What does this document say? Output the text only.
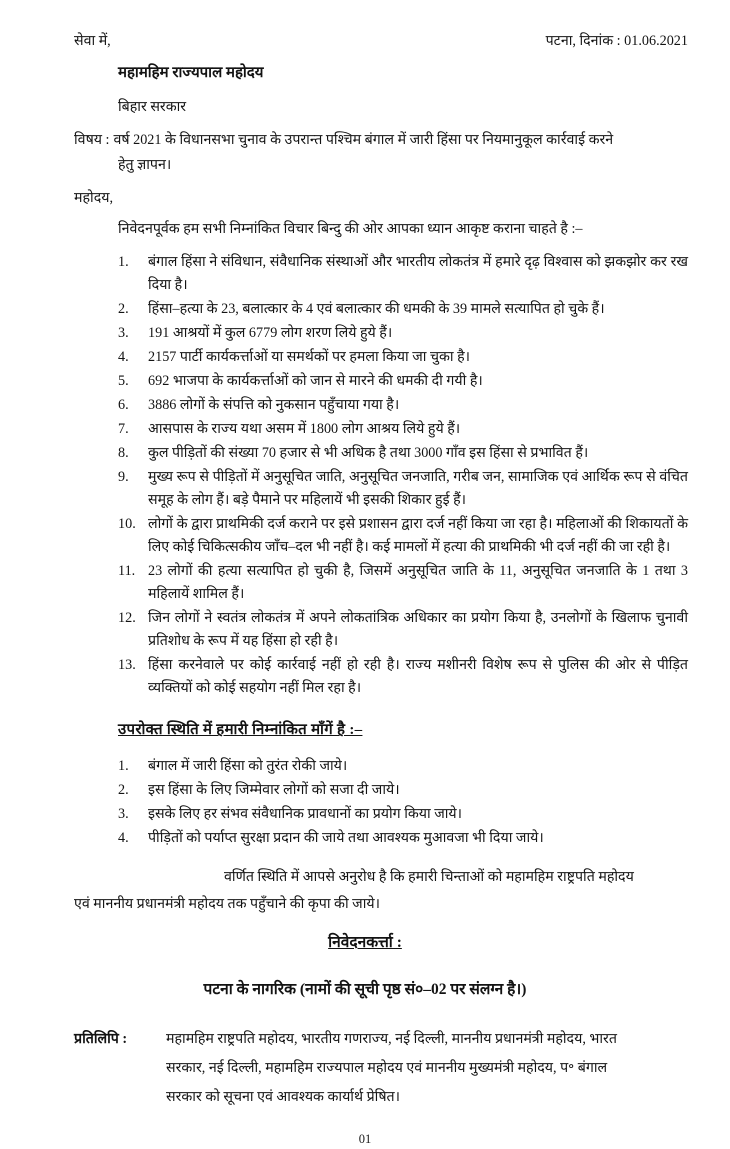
सेवा में,	पटना, दिनांक : 01.06.2021
महामहिम राज्यपाल महोदय
बिहार सरकार
विषय : वर्ष 2021 के विधानसभा चुनाव के उपरान्त पश्चिम बंगाल में जारी हिंसा पर नियमानुकूल कार्रवाई करने
हेतु ज्ञापन।
महोदय,
निवेदनपूर्वक हम सभी निम्नांकित विचार बिन्दु की ओर आपका ध्यान आकृष्ट कराना चाहते है :–
1.	बंगाल हिंसा ने संविधान, संवैधानिक संस्थाओं और भारतीय लोकतंत्र में हमारे दृढ़ विश्वास को झकझोर कर रख दिया है।
2.	हिंसा–हत्या के 23, बलात्कार के 4 एवं बलात्कार की धमकी के 39 मामले सत्यापित हो चुके हैं।
3.	191 आश्रयों में कुल 6779 लोग शरण लिये हुये हैं।
4.	2157 पार्टी कार्यकर्त्ताओं या समर्थकों पर हमला किया जा चुका है।
5.	692 भाजपा के कार्यकर्त्ताओं को जान से मारने की धमकी दी गयी है।
6.	3886 लोगों के संपत्ति को नुकसान पहुँचाया गया है।
7.	आसपास के राज्य यथा असम में 1800 लोग आश्रय लिये हुये हैं।
8.	कुल पीड़ितों की संख्या 70 हजार से भी अधिक है तथा 3000 गाँव इस हिंसा से प्रभावित हैं।
9.	मुख्य रूप से पीड़ितों में अनुसूचित जाति, अनुसूचित जनजाति, गरीब जन, सामाजिक एवं आर्थिक रूप से वंचित समूह के लोग हैं। बड़े पैमाने पर महिलायें भी इसकी शिकार हुई हैं।
10. लोगों के द्वारा प्राथमिकी दर्ज कराने पर इसे प्रशासन द्वारा दर्ज नहीं किया जा रहा है। महिलाओं की शिकायतों के लिए कोई चिकित्सकीय जाँच–दल भी नहीं है। कई मामलों में हत्या की प्राथमिकी भी दर्ज नहीं की जा रही है।
11. 23 लोगों की हत्या सत्यापित हो चुकी है, जिसमें अनुसूचित जाति के 11, अनुसूचित जनजाति के 1 तथा 3 महिलायें शामिल हैं।
12. जिन लोगों ने स्वतंत्र लोकतंत्र में अपने लोकतांत्रिक अधिकार का प्रयोग किया है, उनलोगों के खिलाफ चुनावी प्रतिशोध के रूप में यह हिंसा हो रही है।
13. हिंसा करनेवाले पर कोई कार्रवाई नहीं हो रही है। राज्य मशीनरी विशेष रूप से पुलिस की ओर से पीड़ित व्यक्तियों को कोई सहयोग नहीं मिल रहा है।
उपरोक्त स्थिति में हमारी निम्नांकित माँगें है :–
1.	बंगाल में जारी हिंसा को तुरंत रोकी जाये।
2.	इस हिंसा के लिए जिम्मेवार लोगों को सजा दी जाये।
3.	इसके लिए हर संभव संवैधानिक प्रावधानों का प्रयोग किया जाये।
4.	पीड़ितों को पर्याप्त सुरक्षा प्रदान की जाये तथा आवश्यक मुआवजा भी दिया जाये।
वर्णित स्थिति में आपसे अनुरोध है कि हमारी चिन्ताओं को महामहिम राष्ट्रपति महोदय
एवं माननीय प्रधानमंत्री महोदय तक पहुँचाने की कृपा की जाये।
निवेदनकर्त्ता :
पटना के नागरिक (नामों की सूची पृष्ठ सं०–02 पर संलग्न है।)
प्रतिलिपि :	महामहिम राष्ट्रपति महोदय, भारतीय गणराज्य, नई दिल्ली, माननीय प्रधानमंत्री महोदय, भारत
सरकार, नई दिल्ली, महामहिम राज्यपाल महोदय एवं माननीय मुख्यमंत्री महोदय, प॰ बंगाल
सरकार को सूचना एवं आवश्यक कार्यार्थ प्रेषित।
01
